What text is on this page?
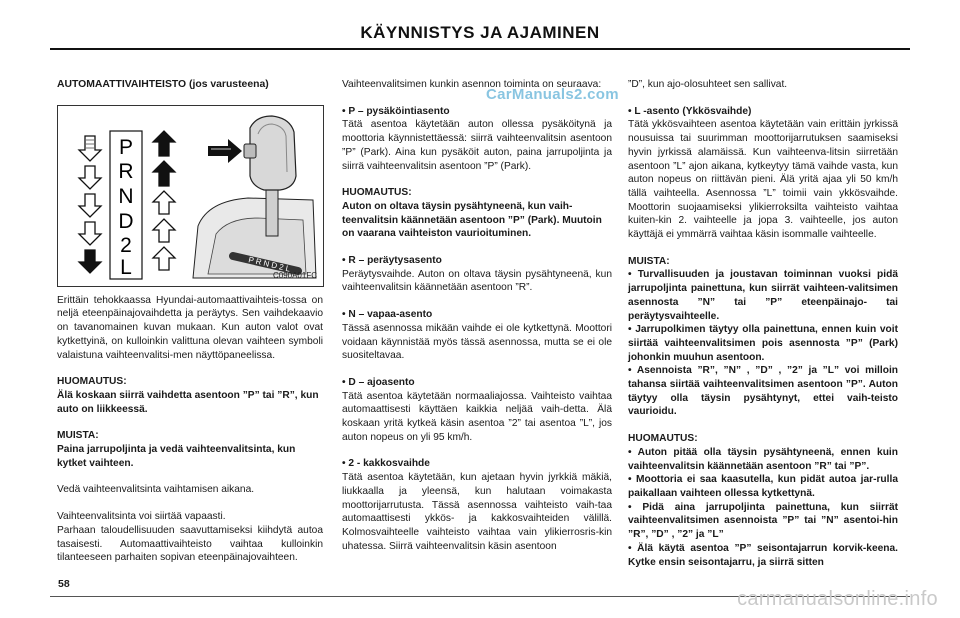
KÄYNNISTYS JA AJAMINEN
CarManuals2.com
AUTOMAATTIVAIHTEISTO (jos varusteena)
P
R
N
D
2
L	P R N D 2 L
C090A01FC

Erittäin tehokkaassa Hyundai-automaattivaihteis-tossa on neljä eteenpäinajovaihdetta ja peräytys. Sen vaihdekaavio on tavanomainen kuvan mukaan. Kun auton valot ovat kytkettyinä, on kulloinkin valittuna olevan vaihteen symboli valaistuna vaihteenvalitsi-men näyttöpaneelissa.

HUOMAUTUS:
Älä koskaan siirrä vaihdetta asentoon ”P” tai ”R”, kun auto on liikkeessä.

MUISTA:
Paina jarrupoljinta ja vedä vaihteenvalitsinta, kun kytket vaihteen.

Vedä vaihteenvalitsinta vaihtamisen aikana.

Vaihteenvalitsinta voi siirtää vapaasti.
Parhaan taloudellisuuden saavuttamiseksi kiihdytä autoa tasaisesti. Automaattivaihteisto vaihtaa kulloinkin tilanteeseen parhaiten sopivan eteenpäinajovaihteen.

Vaihteenvalitsimen kunkin asennon toiminta on seuraava:

• P – pysäköintiasento
Tätä asentoa käytetään auton ollessa pysäköitynä ja moottoria käynnistettäessä: siirrä vaihteenvalitsin asentoon ”P” (Park). Aina kun pysäköit auton, paina jarrupoljinta ja siirrä vaihteenvalitsin asentoon ”P” (Park).

HUOMAUTUS:
Auton on oltava täysin pysähtyneenä, kun vaih-teenvalitsin käännetään asentoon ”P” (Park). Muutoin on vaarana vaihteiston vaurioituminen.

• R – peräytysasento
Peräytysvaihde. Auton on oltava täysin pysähtyneenä, kun vaihteenvalitsin käännetään asentoon ”R”.

• N – vapaa-asento
Tässä asennossa mikään vaihde ei ole kytkettynä. Moottori voidaan käynnistää myös tässä asennossa, mutta se ei ole suositeltavaa.

• D – ajoasento
Tätä asentoa käytetään normaaliajossa. Vaihteisto vaihtaa automaattisesti käyttäen kaikkia neljää vaih-detta. Älä koskaan yritä kytkeä käsin asentoa ”2” tai asentoa ”L”, jos auton nopeus on yli 95 km/h.

• 2 - kakkosvaihde
Tätä asentoa käytetään, kun ajetaan hyvin jyrkkiä mäkiä, liukkaalla ja yleensä, kun halutaan voimakasta moottorijarrutusta. Tässä asennossa vaihteisto vaih-taa automaattisesti ykkös- ja kakkosvaihteiden välillä. Kolmosvaihteelle vaihteisto vaihtaa vain ylikierrosris-kin uhatessa. Siirrä vaihteenvalitsin käsin asentoon

”D”, kun ajo-olosuhteet sen sallivat.

• L -asento (Ykkösvaihde)
Tätä ykkösvaihteen asentoa käytetään vain erittäin jyrkissä nousuissa tai suurimman moottorijarrutuksen saamiseksi hyvin jyrkissä alamäissä. Kun vaihteenva-litsin siirretään asentoon ”L” ajon aikana, kytkeytyy tämä vaihde vasta, kun auton nopeus on riittävän pieni. Älä yritä ajaa yli 50 km/h tällä vaihteella. Asennossa ”L” toimii vain ykkösvaihde. Moottorin suojaamiseksi ylikierroksilta vaihteisto vaihtaa kuiten-kin 2. vaihteelle ja jopa 3. vaihteelle, jos auton käyttäjä ei ymmärrä vaihtaa käsin isommalle vaihteelle.

MUISTA:
• Turvallisuuden ja joustavan toiminnan vuoksi pidä jarrupoljinta painettuna, kun siirrät vaihteen-valitsimen asennosta ”N” tai ”P” eteenpäinajo- tai peräytysvaihteelle.
• Jarrupolkimen täytyy olla painettuna, ennen kuin voit siirtää vaihteenvalitsimen pois asennosta ”P” (Park) johonkin muuhun asentoon.
• Asennoista ”R”, ”N” , ”D” , ”2” ja ”L” voi milloin tahansa siirtää vaihteenvalitsimen asentoon ”P”. Auton täytyy olla täysin pysähtynyt, ettei vaih-teisto vaurioidu.

HUOMAUTUS:
• Auton pitää olla täysin pysähtyneenä, ennen kuin vaihteenvalitsin käännetään asentoon ”R” tai ”P”.
• Moottoria ei saa kaasutella, kun pidät autoa jar-rulla paikallaan vaihteen ollessa kytkettynä.
• Pidä aina jarrupoljinta painettuna, kun siirrät vaihteenvalitsimen asennoista ”P” tai ”N” asentoi-hin ”R”, ”D” , ”2” ja ”L”
• Älä käytä asentoa ”P” seisontajarrun korvik-keena. Kytke ensin seisontajarru, ja siirrä sitten

58
carmanualsonline.info
